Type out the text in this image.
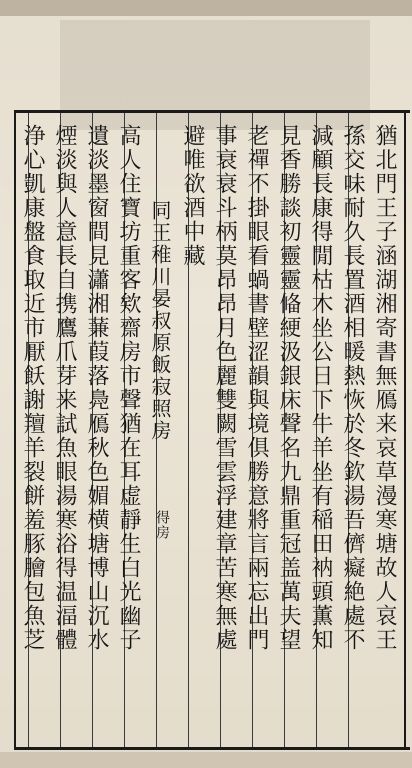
猶北門王子涵湖湘寄書無鴈来哀草漫寒塘故人哀王
孫交味耐久長置酒相暖熱恢於冬欽湯吾儕癡絶處不
減顧長康得閒枯木坐公日下牛羊坐有稲田衲頭薫知
見香勝談初靈靈偹綆汲銀床聲名九鼎重冠盖萬夫望
老禪不掛眼看蝸書壁涩韻與境俱勝意將言兩忘出門
事衰衰斗柄莫昂昂月色麗雙闕雪雲浮建章苦寒無處
避唯欲酒中藏
同王稚川晏叔原飯寂照房
高人住寶坊重客欸齋房市聲猶在耳虚靜生白光幽子
遺淡墨窗間見瀟湘蒹葭落鳧鴈秋色媚横塘博山沉水
煙淡與人意長自携鷹爪芽来試魚眼湯寒浴得温湢體
浄心凱康盤食取近市厭飫謝羶羊裂餅羞豚膾包魚芝	得房
